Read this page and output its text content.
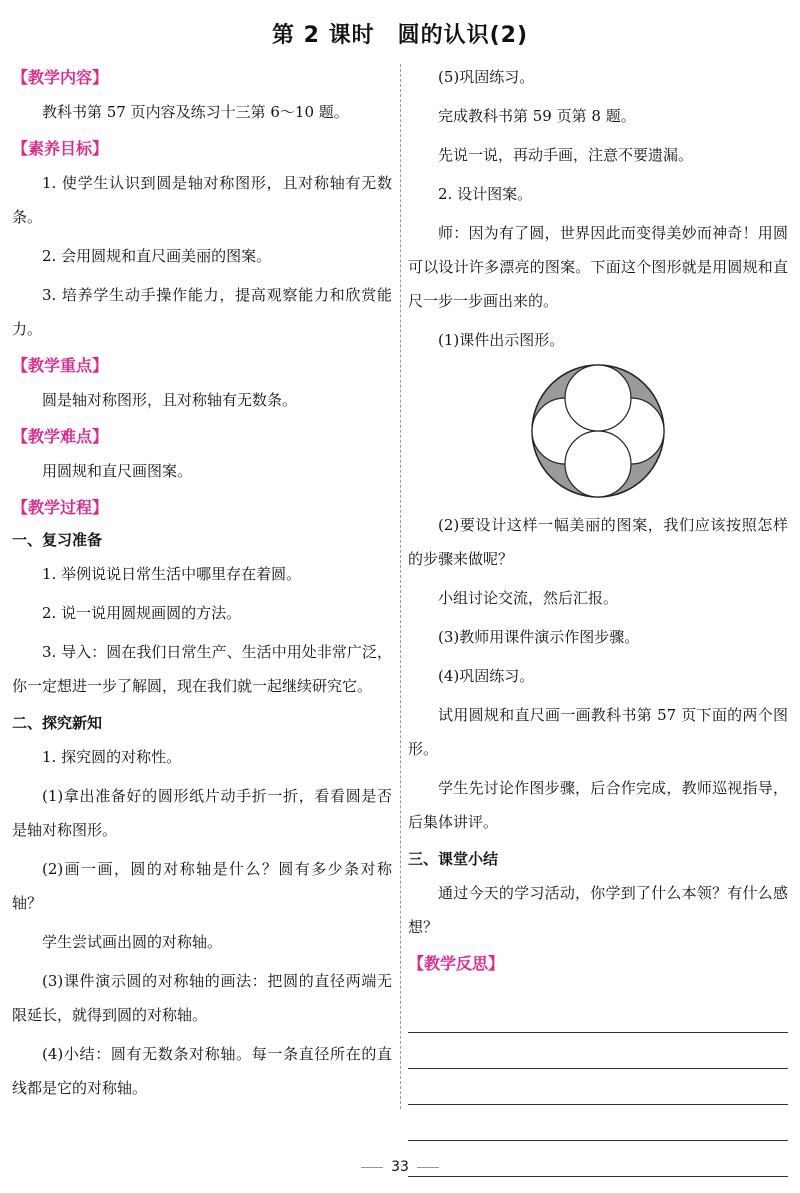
第 2 课时　圆的认识(2)
【教学内容】

教科书第 57 页内容及练习十三第 6～10 题。

【素养目标】

1. 使学生认识到圆是轴对称图形，且对称轴有无数条。

2. 会用圆规和直尺画美丽的图案。

3. 培养学生动手操作能力，提高观察能力和欣赏能力。

【教学重点】

圆是轴对称图形，且对称轴有无数条。

【教学难点】

用圆规和直尺画图案。

【教学过程】
一、复习准备

1. 举例说说日常生活中哪里存在着圆。

2. 说一说用圆规画圆的方法。

3. 导入：圆在我们日常生产、生活中用处非常广泛，你一定想进一步了解圆，现在我们就一起继续研究它。

二、探究新知

1. 探究圆的对称性。

(1)拿出准备好的圆形纸片动手折一折，看看圆是否是轴对称图形。

(2)画一画，圆的对称轴是什么？圆有多少条对称轴？

学生尝试画出圆的对称轴。

(3)课件演示圆的对称轴的画法：把圆的直径两端无限延长，就得到圆的对称轴。

(4)小结：圆有无数条对称轴。每一条直径所在的直线都是它的对称轴。

(5)巩固练习。

完成教科书第 59 页第 8 题。

先说一说，再动手画，注意不要遗漏。

2. 设计图案。

师：因为有了圆，世界因此而变得美妙而神奇！用圆可以设计许多漂亮的图案。下面这个图形就是用圆规和直尺一步一步画出来的。

(1)课件出示图形。

(2)要设计这样一幅美丽的图案，我们应该按照怎样的步骤来做呢？

小组讨论交流，然后汇报。

(3)教师用课件演示作图步骤。

(4)巩固练习。

试用圆规和直尺画一画教科书第 57 页下面的两个图形。

学生先讨论作图步骤，后合作完成，教师巡视指导，后集体讲评。

三、课堂小结

通过今天的学习活动，你学到了什么本领？有什么感想？

【教学反思】
33
